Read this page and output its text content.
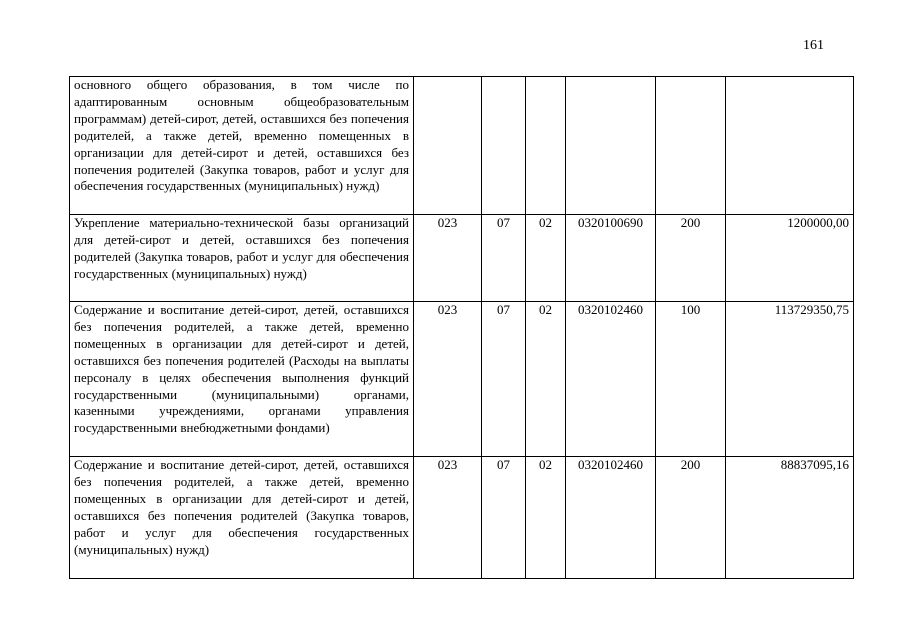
161
основного общего образования, в том числе по адаптированным основным общеобразовательным программам) детей-сирот, детей, оставшихся без попечения родителей, а также детей, временно помещенных в организации для детей-сирот и детей, оставшихся без попечения родителей (Закупка товаров, работ и услуг для обеспечения государственных (муниципальных) нужд)						

Укрепление материально-технической базы организаций для детей-сирот и детей, оставшихся без попечения родителей (Закупка товаров, работ и услуг для обеспечения государственных (муниципальных) нужд)	023	07	02	0320100690	200	1200000,00

Содержание и воспитание детей-сирот, детей, оставшихся без попечения родителей, а также детей, временно помещенных в организации для детей-сирот и детей, оставшихся без попечения родителей (Расходы на выплаты персоналу в целях обеспечения выполнения функций государственными (муниципальными) органами, казенными учреждениями, органами управления государственными внебюджетными фондами)	023	07	02	0320102460	100	113729350,75

Содержание и воспитание детей-сирот, детей, оставшихся без попечения родителей, а также детей, временно помещенных в организации для детей-сирот и детей, оставшихся без попечения родителей (Закупка товаров, работ и услуг для обеспечения государственных (муниципальных) нужд)	023	07	02	0320102460	200	88837095,16
